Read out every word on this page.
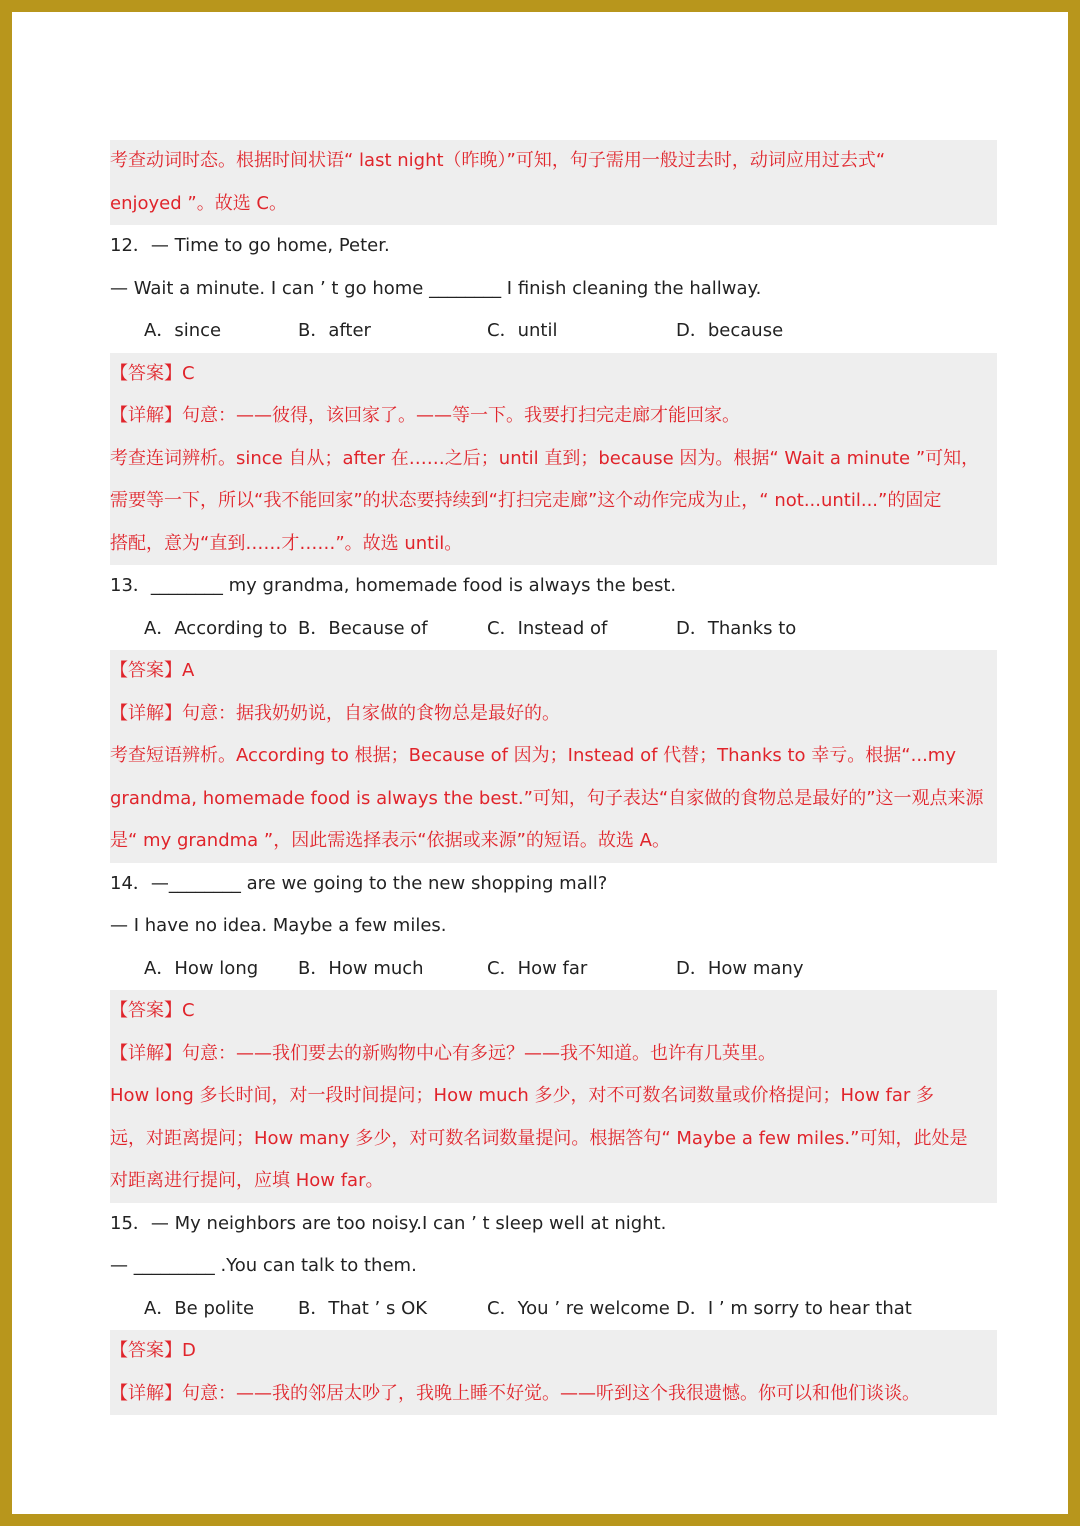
考查动词时态。根据时间状语“ last night（昨晚）”可知，句子需用一般过去时，动词应用过去式“
enjoyed ”。故选 C。
12．— Time to go home, Peter.
— Wait a minute. I can ’ t go home ________ I finish cleaning the hallway.
A．since	B．after	C．until	D．because
【答案】C
【详解】句意：——彼得，该回家了。——等一下。我要打扫完走廊才能回家。
考查连词辨析。since 自从；after 在……之后；until 直到；because 因为。根据“ Wait a minute ”可知，
需要等一下，所以“我不能回家”的状态要持续到“打扫完走廊”这个动作完成为止，“ not...until...”的固定
搭配，意为“直到……才……”。故选 until。
13．________ my grandma, homemade food is always the best.
A．According to B．Because of	C．Instead of	D．Thanks to
【答案】A
【详解】句意：据我奶奶说，自家做的食物总是最好的。
考查短语辨析。According to 根据；Because of 因为；Instead of 代替；Thanks to 幸亏。根据“...my
grandma, homemade food is always the best.”可知，句子表达“自家做的食物总是最好的”这一观点来源
是“ my grandma ”，因此需选择表示“依据或来源”的短语。故选 A。
14．—________ are we going to the new shopping mall?
— I have no idea. Maybe a few miles.
A．How long B．How much	C．How far	D．How many
【答案】C
【详解】句意：——我们要去的新购物中心有多远？——我不知道。也许有几英里。
How long 多长时间，对一段时间提问；How much 多少，对不可数名词数量或价格提问；How far 多
远，对距离提问；How many 多少，对可数名词数量提问。根据答句“ Maybe a few miles.”可知，此处是
对距离进行提问，应填 How far。
15．— My neighbors are too noisy.I can ’ t sleep well at night.
— _________ .You can talk to them.
A．Be polite B．That ’ s OK	C．You ’ re welcome D．I ’ m sorry to hear that
【答案】D
【详解】句意：——我的邻居太吵了，我晚上睡不好觉。——听到这个我很遗憾。你可以和他们谈谈。
